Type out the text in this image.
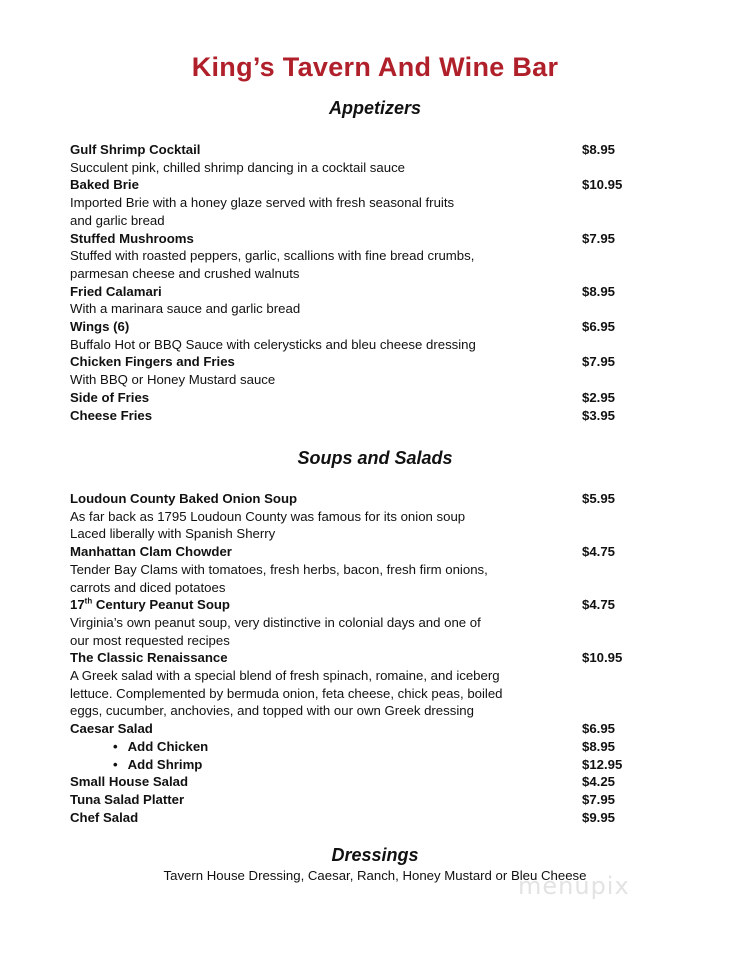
King’s Tavern And Wine Bar
Appetizers
Gulf Shrimp Cocktail	$8.95
Succulent pink, chilled shrimp dancing in a cocktail sauce
Baked Brie	$10.95
Imported Brie with a honey glaze served with fresh seasonal fruits
and garlic bread
Stuffed Mushrooms	$7.95
Stuffed with roasted peppers, garlic, scallions with fine bread crumbs,
parmesan cheese and crushed walnuts
Fried Calamari	$8.95
With a marinara sauce and garlic bread
Wings (6)	$6.95
Buffalo Hot or BBQ Sauce with celerysticks and bleu cheese dressing
Chicken Fingers and Fries	$7.95
With BBQ or Honey Mustard sauce
Side of Fries	$2.95
Cheese Fries	$3.95
Soups and Salads
Loudoun County Baked Onion Soup	$5.95
As far back as 1795 Loudoun County was famous for its onion soup
Laced liberally with Spanish Sherry
Manhattan Clam Chowder	$4.75
Tender Bay Clams with tomatoes, fresh herbs, bacon, fresh firm onions,
carrots and diced potatoes
17th Century Peanut Soup	$4.75
Virginia’s own peanut soup, very distinctive in colonial days and one of
our most requested recipes
The Classic Renaissance	$10.95
A Greek salad with a special blend of fresh spinach, romaine, and iceberg
lettuce. Complemented by bermuda onion, feta cheese, chick peas, boiled
eggs, cucumber, anchovies, and topped with our own Greek dressing
Caesar Salad	$6.95
• Add Chicken	$8.95
• Add Shrimp	$12.95
Small House Salad	$4.25
Tuna Salad Platter	$7.95
Chef Salad	$9.95
Dressings
Tavern House Dressing, Caesar, Ranch, Honey Mustard or Bleu Cheese
menupix
